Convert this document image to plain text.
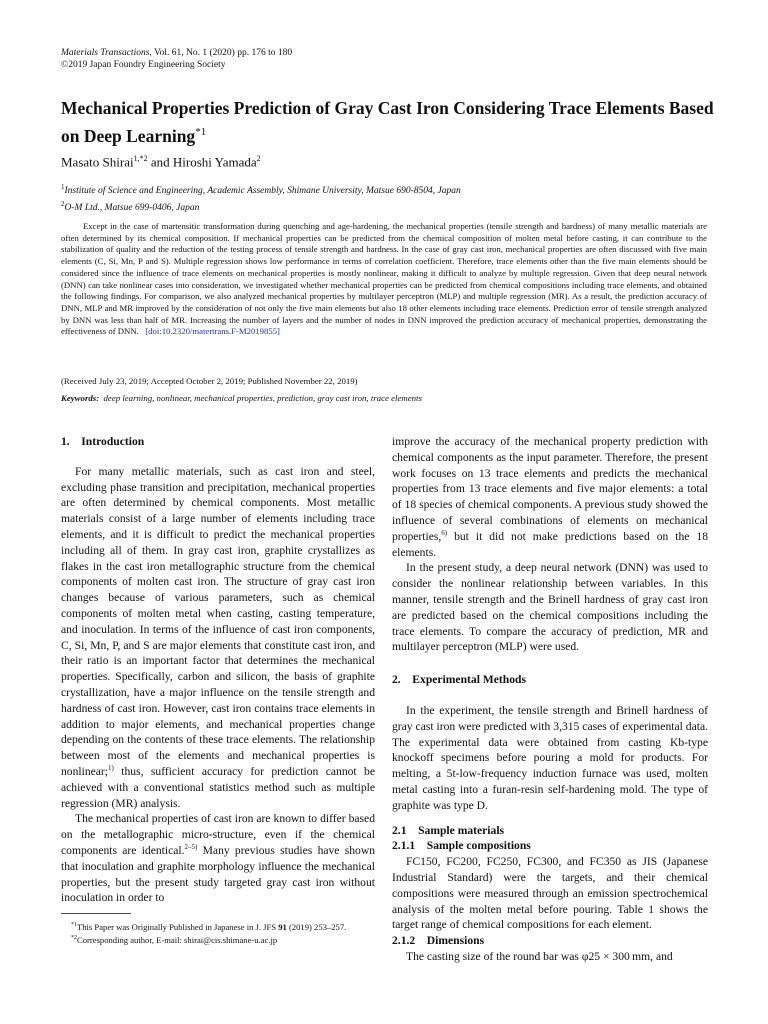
Materials Transactions, Vol. 61, No. 1 (2020) pp. 176 to 180
©2019 Japan Foundry Engineering Society
Mechanical Properties Prediction of Gray Cast Iron Considering Trace Elements Based on Deep Learning$^{*1}$
Masato Shirai$^{1,*2}$ and Hiroshi Yamada$^2$
$^1$Institute of Science and Engineering, Academic Assembly, Shimane University, Matsue 690-8504, Japan
$^2$O-M Ltd., Matsue 699-0406, Japan
Except in the case of martensitic transformation during quenching and age-hardening, the mechanical properties (tensile strength and hardness) of many metallic materials are often determined by its chemical composition. If mechanical properties can be predicted from the chemical composition of molten metal before casting, it can contribute to the stabilization of quality and the reduction of the testing process of tensile strength and hardness. In the case of gray cast iron, mechanical properties are often discussed with five main elements (C, Si, Mn, P and S). Multiple regression shows low performance in terms of correlation coefficient. Therefore, trace elements other than the five main elements should be considered since the influence of trace elements on mechanical properties is mostly nonlinear, making it difficult to analyze by multiple regression. Given that deep neural network (DNN) can take nonlinear cases into consideration, we investigated whether mechanical properties can be predicted from chemical compositions including trace elements, and obtained the following findings. For comparison, we also analyzed mechanical properties by multilayer perceptron (MLP) and multiple regression (MR). As a result, the prediction accuracy of DNN, MLP and MR improved by the consideration of not only the five main elements but also 18 other elements including trace elements. Prediction error of tensile strength analyzed by DNN was less than half of MR. Increasing the number of layers and the number of nodes in DNN improved the prediction accuracy of mechanical properties, demonstrating the effectiveness of DNN. [doi:10.2320/matertrans.F-M2019855]
(Received July 23, 2019; Accepted October 2, 2019; Published November 22, 2019)
Keywords: deep learning, nonlinear, mechanical properties, prediction, gray cast iron, trace elements
1. Introduction

For many metallic materials, such as cast iron and steel, excluding phase transition and precipitation, mechanical properties are often determined by chemical components. Most metallic materials consist of a large number of elements including trace elements, and it is difficult to predict the mechanical properties including all of them. In gray cast iron, graphite crystallizes as flakes in the cast iron metallographic structure from the chemical components of molten cast iron. The structure of gray cast iron changes because of various parameters, such as chemical components of molten metal when casting, casting temperature, and inoculation. In terms of the influence of cast iron components, C, Si, Mn, P, and S are major elements that constitute cast iron, and their ratio is an important factor that determines the mechanical properties. Specifically, carbon and silicon, the basis of graphite crystallization, have a major influence on the tensile strength and hardness of cast iron. However, cast iron contains trace elements in addition to major elements, and mechanical properties change depending on the contents of these trace elements. The relationship between most of the elements and mechanical properties is nonlinear;$^{1)}$ thus, sufficient accuracy for prediction cannot be achieved with a conventional statistics method such as multiple regression (MR) analysis.

The mechanical properties of cast iron are known to differ based on the metallographic micro-structure, even if the chemical components are identical.$^{2-5)}$ Many previous studies have shown that inoculation and graphite morphology influence the mechanical properties, but the present study targeted gray cast iron without inoculation in order to

improve the accuracy of the mechanical property prediction with chemical components as the input parameter. Therefore, the present work focuses on 13 trace elements and predicts the mechanical properties from 13 trace elements and five major elements: a total of 18 species of chemical components. A previous study showed the influence of several combinations of elements on mechanical properties,$^{6)}$ but it did not make predictions based on the 18 elements.

In the present study, a deep neural network (DNN) was used to consider the nonlinear relationship between variables. In this manner, tensile strength and the Brinell hardness of gray cast iron are predicted based on the chemical compositions including the trace elements. To compare the accuracy of prediction, MR and multilayer perceptron (MLP) were used.

2. Experimental Methods

In the experiment, the tensile strength and Brinell hardness of gray cast iron were predicted with 3,315 cases of experimental data. The experimental data were obtained from casting Kb-type knockoff specimens before pouring a mold for products. For melting, a 5t-low-frequency induction furnace was used, molten metal casting into a furan-resin self-hardening mold. The type of graphite was type D.

2.1 Sample materials
2.1.1 Sample compositions

FC150, FC200, FC250, FC300, and FC350 as JIS (Japanese Industrial Standard) were the targets, and their chemical compositions were measured through an emission spectrochemical analysis of the molten metal before pouring. Table 1 shows the target range of chemical compositions for each element.

2.1.2 Dimensions

The casting size of the round bar was φ25 × 300 mm, and

$^{*1}$This Paper was Originally Published in Japanese in J. JFS 91 (2019) 253–257.
$^{*2}$Corresponding author, E-mail: shirai@cis.shimane-u.ac.jp
